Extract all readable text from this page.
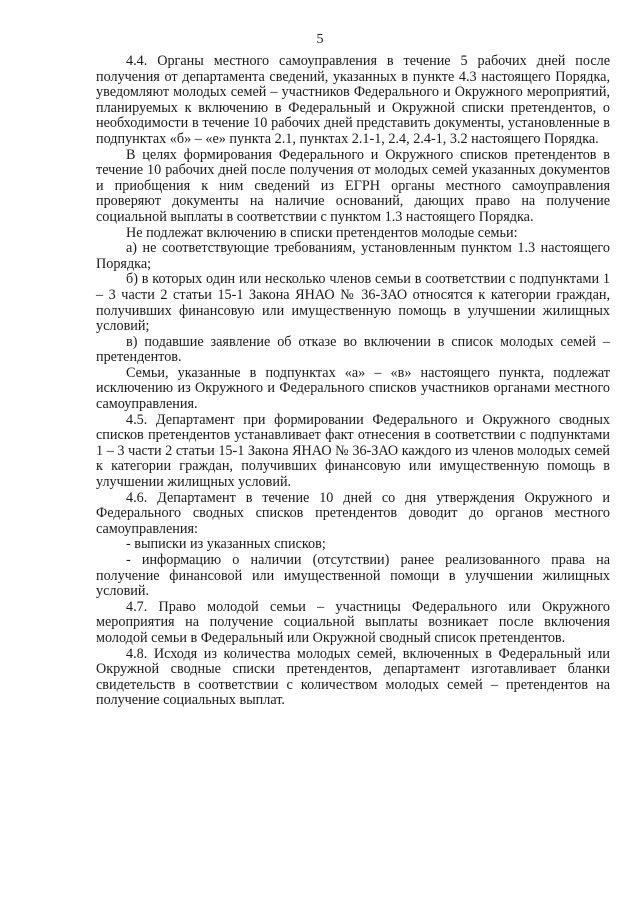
5

4.4. Органы местного самоуправления в течение 5 рабочих дней после получения от департамента сведений, указанных в пункте 4.3 настоящего Порядка, уведомляют молодых семей – участников Федерального и Окружного мероприятий, планируемых к включению в Федеральный и Окружной списки претендентов, о необходимости в течение 10 рабочих дней представить документы, установленные в подпунктах «б» – «е» пункта 2.1, пунктах 2.1-1, 2.4, 2.4-1, 3.2 настоящего Порядка.

В целях формирования Федерального и Окружного списков претендентов в течение 10 рабочих дней после получения от молодых семей указанных документов и приобщения к ним сведений из ЕГРН органы местного самоуправления проверяют документы на наличие оснований, дающих право на получение социальной выплаты в соответствии с пунктом 1.3 настоящего Порядка.

Не подлежат включению в списки претендентов молодые семьи:

а) не соответствующие требованиям, установленным пунктом 1.3 настоящего Порядка;

б) в которых один или несколько членов семьи в соответствии с подпунктами 1 – 3 части 2 статьи 15-1 Закона ЯНАО № 36-ЗАО относятся к категории граждан, получивших финансовую или имущественную помощь в улучшении жилищных условий;

в) подавшие заявление об отказе во включении в список молодых семей – претендентов.

Семьи, указанные в подпунктах «а» – «в» настоящего пункта, подлежат исключению из Окружного и Федерального списков участников органами местного самоуправления.

4.5. Департамент при формировании Федерального и Окружного сводных списков претендентов устанавливает факт отнесения в соответствии с подпунктами 1 – 3 части 2 статьи 15-1 Закона ЯНАО № 36-ЗАО каждого из членов молодых семей к категории граждан, получивших финансовую или имущественную помощь в улучшении жилищных условий.

4.6. Департамент в течение 10 дней со дня утверждения Окружного и Федерального сводных списков претендентов доводит до органов местного самоуправления:

- выписки из указанных списков;

- информацию о наличии (отсутствии) ранее реализованного права на получение финансовой или имущественной помощи в улучшении жилищных условий.

4.7. Право молодой семьи – участницы Федерального или Окружного мероприятия на получение социальной выплаты возникает после включения молодой семьи в Федеральный или Окружной сводный список претендентов.

4.8. Исходя из количества молодых семей, включенных в Федеральный или Окружной сводные списки претендентов, департамент изготавливает бланки свидетельств в соответствии с количеством молодых семей – претендентов на получение социальных выплат.
